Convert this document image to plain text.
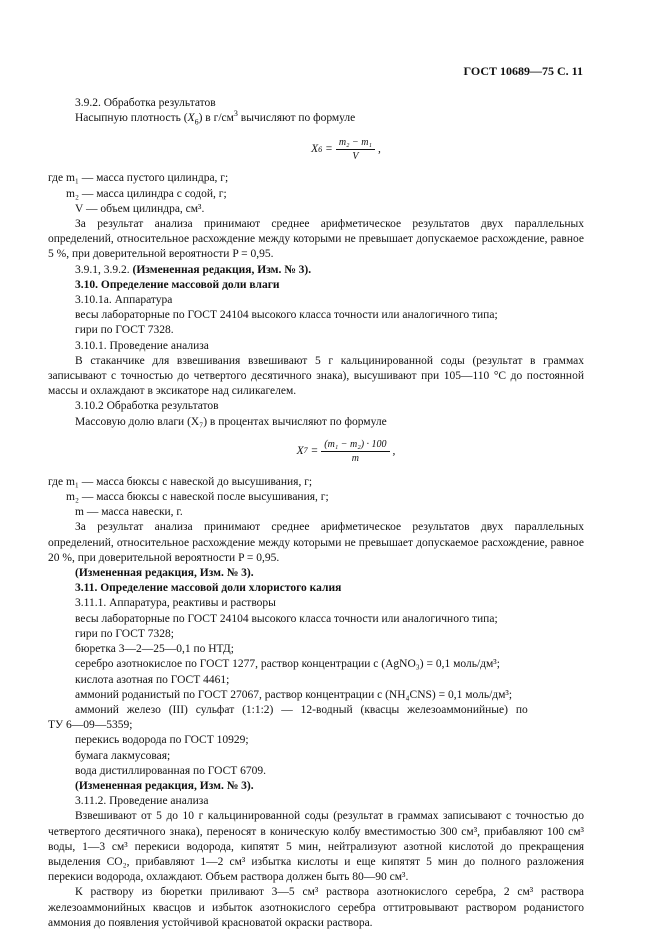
ГОСТ 10689—75 С. 11

3.9.2. Обработка результатов

Насыпную плотность $(X_6)$ в $г/см^3$ вычисляют по формуле

X $6 = \frac{\text{m₂ − m₁}}{V}$ ,

где m₁ — масса пустого цилиндра, г;

m₂ — масса цилиндра с содой, г;

V — объем цилиндра, см³.

За результат анализа принимают среднее арифметическое результатов двух параллельных определений, относительное расхождение между которыми не превышает допускаемое расхождение, равное 5 %, при доверительной вероятности P = 0,95.

3.9.1, 3.9.2. (Измененная редакция, Изм. № 3).

3.10. Определение массовой доли влаги

3.10.1а. Аппаратура

весы лабораторные по ГОСТ 24104 высокого класса точности или аналогичного типа;

гири по ГОСТ 7328.

3.10.1. Проведение анализа

В стаканчике для взвешивания взвешивают 5 г кальцинированной соды (результат в граммах записывают с точностью до четвертого десятичного знака), высушивают при 105—110 °С до постоянной массы и охлаждают в эксикаторе над силикагелем.

3.10.2 Обработка результатов

Массовую долю влаги (X₇) в процентах вычисляют по формуле

X $7 = \frac{\text{(m₁ − m₂) · 100}}{m}$ ,

где m₁ — масса бюксы с навеской до высушивания, г;

m₂ — масса бюксы с навеской после высушивания, г;

m — масса навески, г.

За результат анализа принимают среднее арифметическое результатов двух параллельных определений, относительное расхождение между которыми не превышает допускаемое расхождение, равное 20 %, при доверительной вероятности P = 0,95.

(Измененная редакция, Изм. № 3).

3.11. Определение массовой доли хлористого калия

3.11.1. Аппаратура, реактивы и растворы

весы лабораторные по ГОСТ 24104 высокого класса точности или аналогичного типа;

гири по ГОСТ 7328;

бюретка 3—2—25—0,1 по НТД;

серебро азотнокислое по ГОСТ 1277, раствор концентрации c (AgNO₃) = 0,1 моль/дм³;

кислота азотная по ГОСТ 4461;

аммоний роданистый по ГОСТ 27067, раствор концентрации c (NH₄CNS) = 0,1 моль/дм³;

аммоний железо (III) сульфат (1:1:2) — 12-водный (квасцы железоаммонийные) по

ТУ 6—09—5359;

перекись водорода по ГОСТ 10929;

бумага лакмусовая;

вода дистиллированная по ГОСТ 6709.

(Измененная редакция, Изм. № 3).

3.11.2. Проведение анализа

Взвешивают от 5 до 10 г кальцинированной соды (результат в граммах записывают с точностью до четвертого десятичного знака), переносят в коническую колбу вместимостью 300 см³, прибавляют 100 см³ воды, 1—3 см³ перекиси водорода, кипятят 5 мин, нейтрализуют азотной кислотой до прекращения выделения CO₂, прибавляют 1—2 см³ избытка кислоты и еще кипятят 5 мин до полного разложения перекиси водорода, охлаждают. Объем раствора должен быть 80—90 см³.

К раствору из бюретки приливают 3—5 см³ раствора азотнокислого серебра, 2 см³ раствора железоаммонийных квасцов и избыток азотнокислого серебра оттитровывают раствором роданистого аммония до появления устойчивой красноватой окраски раствора.
